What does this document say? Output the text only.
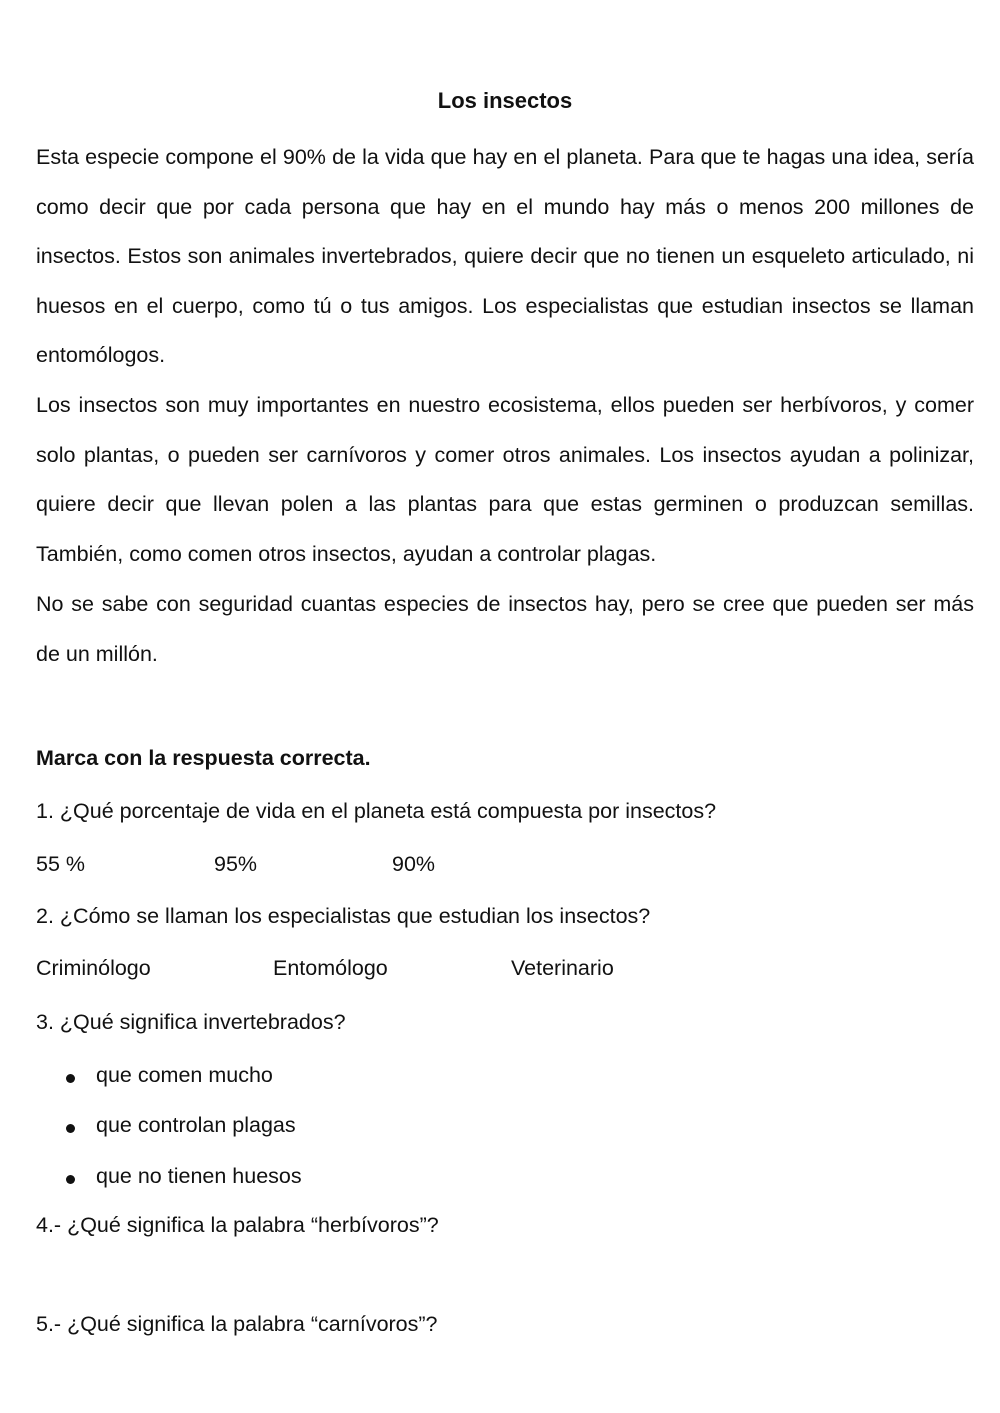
Los insectos

Esta especie compone el 90% de la vida que hay en el planeta. Para que te hagas una idea, sería como decir que por cada persona que hay en el mundo hay más o menos 200 millones de insectos. Estos son animales invertebrados, quiere decir que no tienen un esqueleto articulado, ni huesos en el cuerpo, como tú o tus amigos. Los especialistas que estudian insectos se llaman entomólogos.

Los insectos son muy importantes en nuestro ecosistema, ellos pueden ser herbívoros, y comer solo plantas, o pueden ser carnívoros y comer otros animales. Los insectos ayudan a polinizar, quiere decir que llevan polen a las plantas para que estas germinen o produzcan semillas. También, como comen otros insectos, ayudan a controlar plagas.

No se sabe con seguridad cuantas especies de insectos hay, pero se cree que pueden ser más de un millón.

Marca con la respuesta correcta.
1. ¿Qué porcentaje de vida en el planeta está compuesta por insectos?
55 %	95%	90%
2. ¿Cómo se llaman los especialistas que estudian los insectos?
Criminólogo	Entomólogo	Veterinario
3. ¿Qué significa invertebrados?
que comen mucho
que controlan plagas
que no tienen huesos
4.- ¿Qué significa la palabra “herbívoros”?
5.- ¿Qué significa la palabra “carnívoros”?
